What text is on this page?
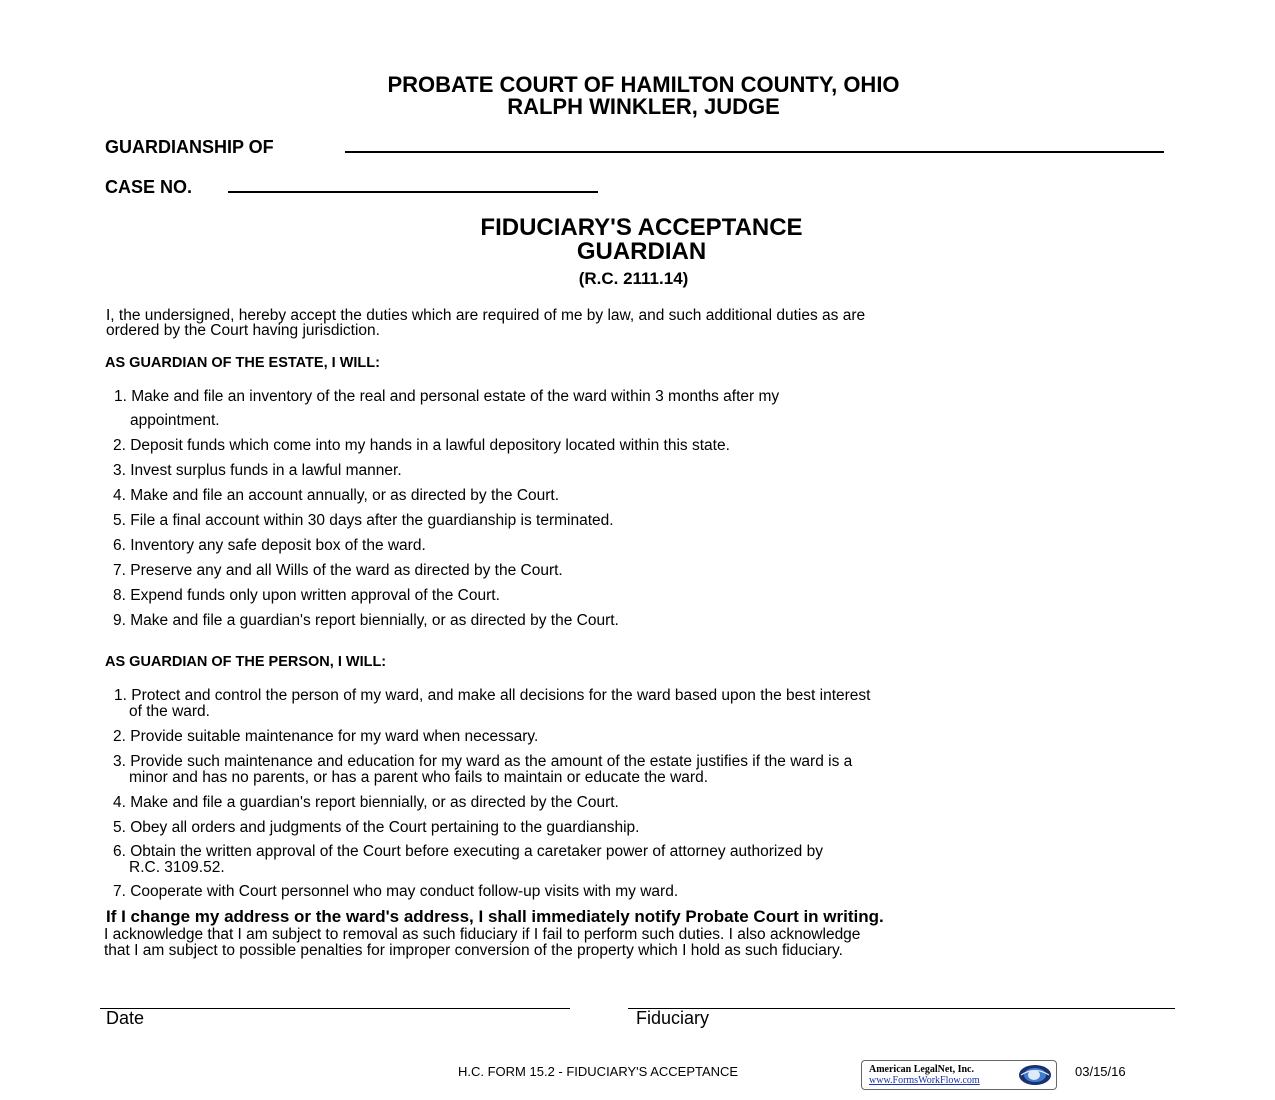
PROBATE COURT OF HAMILTON COUNTY, OHIO
RALPH WINKLER, JUDGE
GUARDIANSHIP OF
CASE NO.
FIDUCIARY'S ACCEPTANCE
GUARDIAN
(R.C. 2111.14)
I, the undersigned, hereby accept the duties which are required of me by law, and such additional duties as are
ordered by the Court having jurisdiction.
AS GUARDIAN OF THE ESTATE, I WILL:
1. Make and file an inventory of the real and personal estate of the ward within 3 months after my
appointment.
2. Deposit funds which come into my hands in a lawful depository located within this state.
3. Invest surplus funds in a lawful manner.
4. Make and file an account annually, or as directed by the Court.
5. File a final account within 30 days after the guardianship is terminated.
6. Inventory any safe deposit box of the ward.
7. Preserve any and all Wills of the ward as directed by the Court.
8. Expend funds only upon written approval of the Court.
9. Make and file a guardian's report biennially, or as directed by the Court.
AS GUARDIAN OF THE PERSON, I WILL:
1. Protect and control the person of my ward, and make all decisions for the ward based upon the best interest
of the ward.
2. Provide suitable maintenance for my ward when necessary.
3. Provide such maintenance and education for my ward as the amount of the estate justifies if the ward is a
minor and has no parents, or has a parent who fails to maintain or educate the ward.
4. Make and file a guardian's report biennially, or as directed by the Court.
5. Obey all orders and judgments of the Court pertaining to the guardianship.
6. Obtain the written approval of the Court before executing a caretaker power of attorney authorized by
R.C. 3109.52.
7. Cooperate with Court personnel who may conduct follow-up visits with my ward.
If I change my address or the ward's address, I shall immediately notify Probate Court in writing.
I acknowledge that I am subject to removal as such fiduciary if I fail to perform such duties. I also acknowledge
that I am subject to possible penalties for improper conversion of the property which I hold as such fiduciary.
Date	Fiduciary
H.C. FORM 15.2 - FIDUCIARY'S ACCEPTANCE	American LegalNet, Inc.
www.FormsWorkFlow.com
03/15/16
